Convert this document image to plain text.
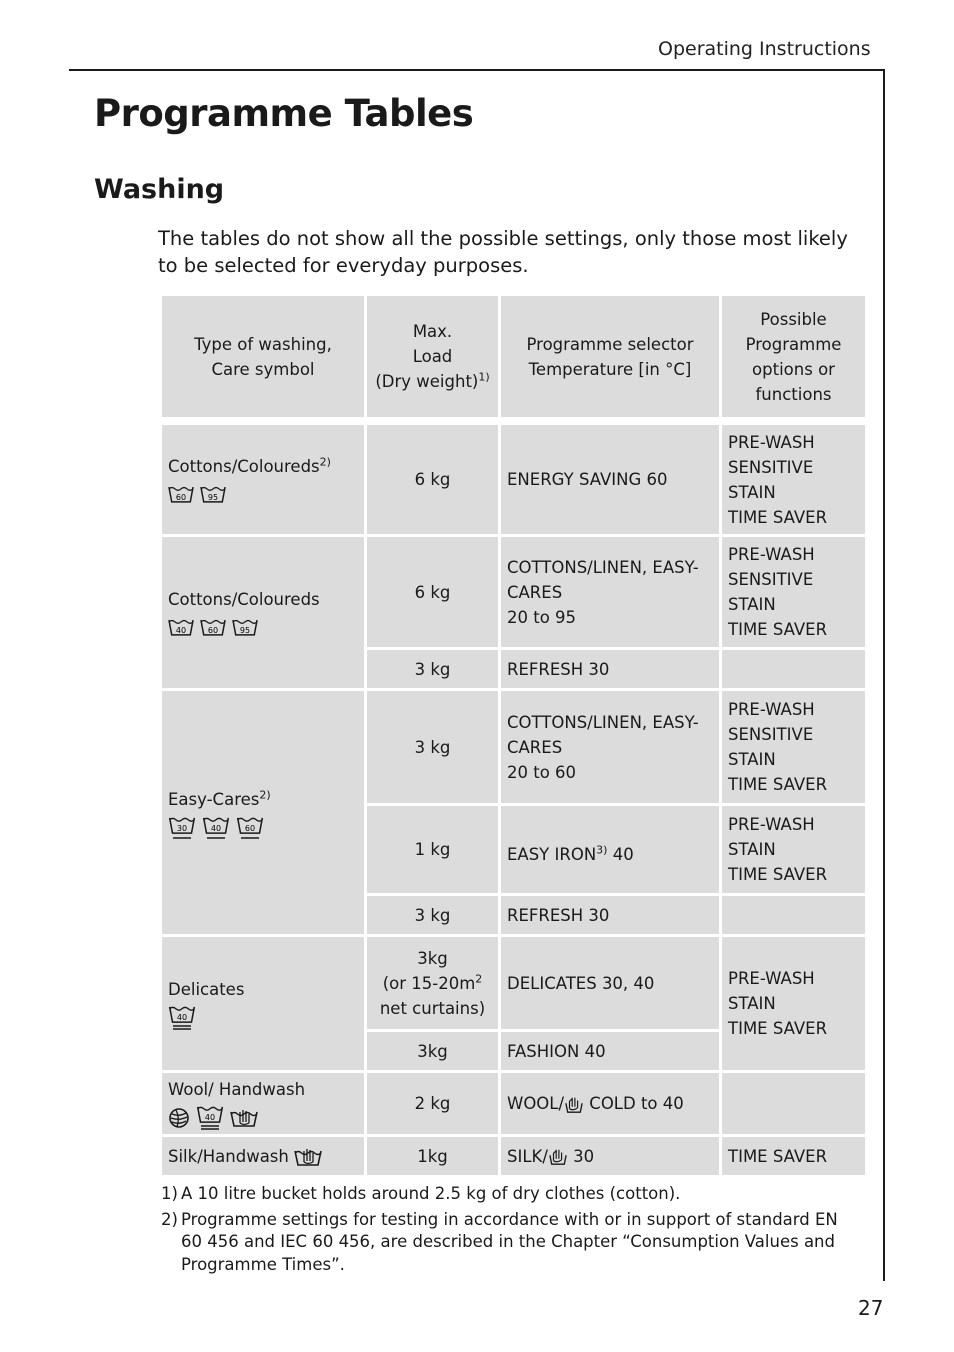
Operating Instructions
Programme Tables
Washing

The tables do not show all the possible settings, only those most likely to be selected for everyday purposes.

Type of washing,
Care symbol	Max.
Load
(Dry weight)$^{1)}$	Programme selector
Temperature [in °C]	Possible
Programme
options or
functions

Cottons/Coloureds$^{2)}$
60 95	6 kg	ENERGY SAVING 60	PRE-WASH
SENSITIVE
STAIN
TIME SAVER
Cottons/Coloureds
40 60 95	6 kg	COTTONS/LINEN, EASY-
CARES
20 to 95	PRE-WASH
SENSITIVE
STAIN
TIME SAVER
	3 kg	REFRESH 30	
Easy-Cares$^{2)}$
30 40 60	3 kg	COTTONS/LINEN, EASY-
CARES
20 to 60	PRE-WASH
SENSITIVE
STAIN
TIME SAVER
	1 kg	EASY IRON$^{3)}$ 40	PRE-WASH
STAIN
TIME SAVER
	3 kg	REFRESH 30	
Delicates
40	3kg
(or $15-20m^2$
net curtains)	DELICATES 30, 40	PRE-WASH
STAIN
TIME SAVER
	3kg	FASHION 40	
Wool/ Handwash
40	2 kg	WOOL/ COLD to 40	
Silk/Handwash	1kg	SILK/ 30	TIME SAVER
1) A 10 litre bucket holds around 2.5 kg of dry clothes (cotton).
2) Programme settings for testing in accordance with or in support of standard EN 60 456 and IEC 60 456, are described in the Chapter “Consumption Values and Programme Times”.
27
